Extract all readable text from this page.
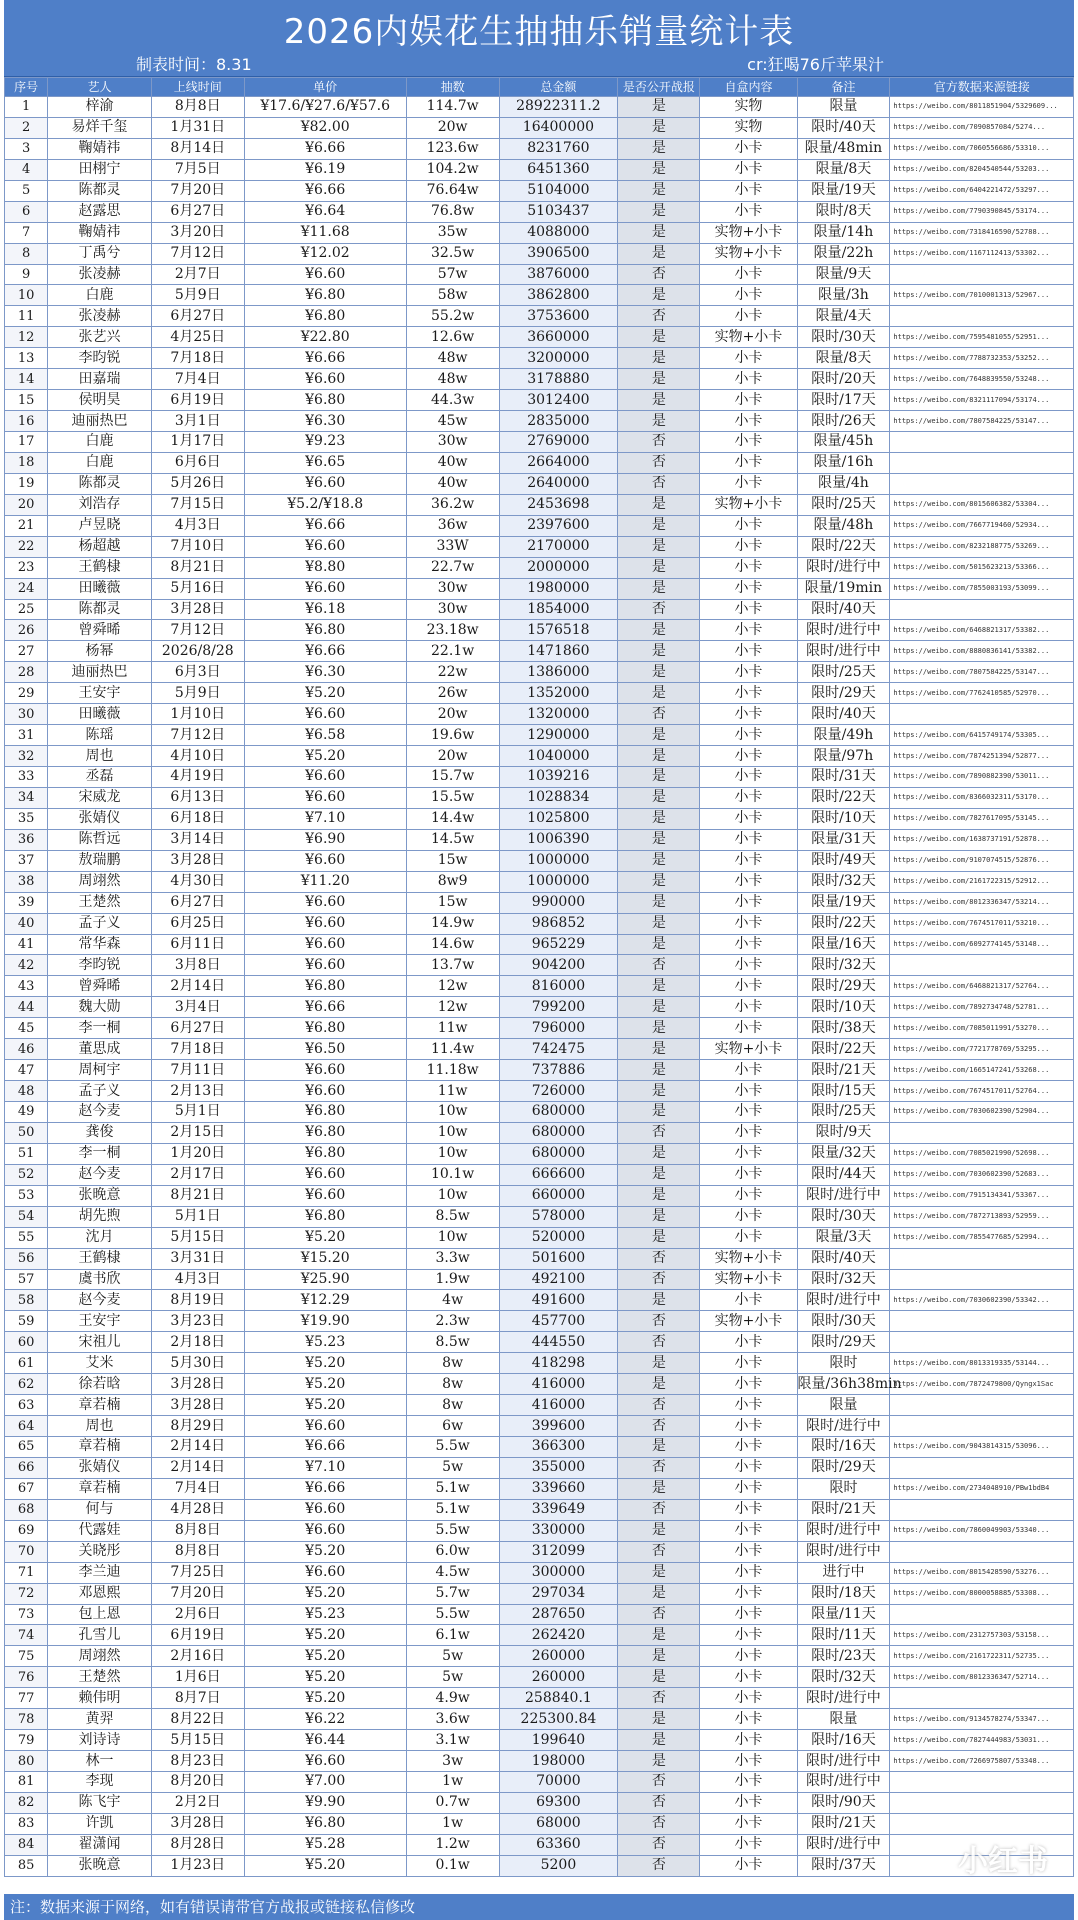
2026内娱花生抽抽乐销量统计表
制表时间：8.31	cr:狂喝76斤苹果汁
序号	艺人	上线时间	单价	抽数	总金额	是否公开战报	自盒内容	备注	官方数据来源链接
1	梓渝	8月8日	¥17.6/¥27.6/¥57.6	114.7w	28922311.2	是	实物	限量	https://weibo.com/8011851904/5329609...
2	易烊千玺	1月31日	¥82.00	20w	16400000	是	实物	限时/40天	https://weibo.com/7090857084/5274...
3	鞠婧祎	8月14日	¥6.66	123.6w	8231760	是	小卡	限量/48min	https://weibo.com/7060556686/53310...
4	田栩宁	7月5日	¥6.19	104.2w	6451360	是	小卡	限量/8天	https://weibo.com/8204540544/53203...
5	陈都灵	7月20日	¥6.66	76.64w	5104000	是	小卡	限量/19天	https://weibo.com/6404221472/53297...
6	赵露思	6月27日	¥6.64	76.8w	5103437	是	小卡	限时/8天	https://weibo.com/7790390845/53174...
7	鞠婧祎	3月20日	¥11.68	35w	4088000	是	实物+小卡	限量/14h	https://weibo.com/7318416590/52788...
8	丁禹兮	7月12日	¥12.02	32.5w	3906500	是	实物+小卡	限量/22h	https://weibo.com/1167112413/53302...
9	张凌赫	2月7日	¥6.60	57w	3876000	否	小卡	限量/9天	
10	白鹿	5月9日	¥6.80	58w	3862800	是	小卡	限量/3h	https://weibo.com/7010001313/52967...
11	张凌赫	6月27日	¥6.80	55.2w	3753600	否	小卡	限量/4天	
12	张艺兴	4月25日	¥22.80	12.6w	3660000	是	实物+小卡	限时/30天	https://weibo.com/7595481055/52951...
13	李昀锐	7月18日	¥6.66	48w	3200000	是	小卡	限量/8天	https://weibo.com/7788732353/53252...
14	田嘉瑞	7月4日	¥6.60	48w	3178880	是	小卡	限时/20天	https://weibo.com/7648839550/53248...
15	侯明昊	6月19日	¥6.80	44.3w	3012400	是	小卡	限时/17天	https://weibo.com/8321117094/53174...
16	迪丽热巴	3月1日	¥6.30	45w	2835000	是	小卡	限时/26天	https://weibo.com/7807584225/53147...
17	白鹿	1月17日	¥9.23	30w	2769000	否	小卡	限量/45h	
18	白鹿	6月6日	¥6.65	40w	2664000	否	小卡	限量/16h	
19	陈都灵	5月26日	¥6.60	40w	2640000	否	小卡	限量/4h	
20	刘浩存	7月15日	¥5.2/¥18.8	36.2w	2453698	是	实物+小卡	限时/25天	https://weibo.com/8015606382/53304...
21	卢昱晓	4月3日	¥6.66	36w	2397600	是	小卡	限量/48h	https://weibo.com/7667719460/52934...
22	杨超越	7月10日	¥6.60	33W	2170000	是	小卡	限时/22天	https://weibo.com/8232188775/53269...
23	王鹤棣	8月21日	¥8.80	22.7w	2000000	是	小卡	限时/进行中	https://weibo.com/5015623213/53366...
24	田曦薇	5月16日	¥6.60	30w	1980000	是	小卡	限量/19min	https://weibo.com/7855003193/53099...
25	陈都灵	3月28日	¥6.18	30w	1854000	否	小卡	限时/40天	
26	曾舜晞	7月12日	¥6.80	23.18w	1576518	是	小卡	限时/进行中	https://weibo.com/6468821317/53382...
27	杨幂	2026/8/28	¥6.66	22.1w	1471860	是	小卡	限时/进行中	https://weibo.com/8880836141/53382...
28	迪丽热巴	6月3日	¥6.30	22w	1386000	是	小卡	限时/25天	https://weibo.com/7807584225/53147...
29	王安宇	5月9日	¥5.20	26w	1352000	是	小卡	限时/29天	https://weibo.com/7762410585/52970...
30	田曦薇	1月10日	¥6.60	20w	1320000	否	小卡	限时/40天	
31	陈瑶	7月12日	¥6.58	19.6w	1290000	是	小卡	限量/49h	https://weibo.com/6415749174/53305...
32	周也	4月10日	¥5.20	20w	1040000	是	小卡	限量/97h	https://weibo.com/7874251394/52877...
33	丞磊	4月19日	¥6.60	15.7w	1039216	是	小卡	限时/31天	https://weibo.com/7890882390/53011...
34	宋威龙	6月13日	¥6.60	15.5w	1028834	是	小卡	限时/22天	https://weibo.com/8366032311/53170...
35	张婧仪	6月18日	¥7.10	14.4w	1025800	是	小卡	限时/10天	https://weibo.com/7827617095/53145...
36	陈哲远	3月14日	¥6.90	14.5w	1006390	是	小卡	限量/31天	https://weibo.com/1638737191/52878...
37	敖瑞鹏	3月28日	¥6.60	15w	1000000	是	小卡	限时/49天	https://weibo.com/9107074515/52876...
38	周翊然	4月30日	¥11.20	8w9	1000000	是	小卡	限时/32天	https://weibo.com/2161722315/52912...
39	王楚然	6月27日	¥6.60	15w	990000	是	小卡	限量/19天	https://weibo.com/8012336347/53214...
40	孟子义	6月25日	¥6.60	14.9w	986852	是	小卡	限时/22天	https://weibo.com/7674517011/53210...
41	常华森	6月11日	¥6.60	14.6w	965229	是	小卡	限量/16天	https://weibo.com/6092774145/53148...
42	李昀锐	3月8日	¥6.60	13.7w	904200	否	小卡	限时/32天	
43	曾舜晞	2月14日	¥6.80	12w	816000	是	小卡	限时/29天	https://weibo.com/6468821317/52764...
44	魏大勋	3月4日	¥6.66	12w	799200	是	小卡	限时/10天	https://weibo.com/7892734748/52781...
45	李一桐	6月27日	¥6.80	11w	796000	是	小卡	限时/38天	https://weibo.com/7085011991/53270...
46	董思成	7月18日	¥6.50	11.4w	742475	是	实物+小卡	限时/22天	https://weibo.com/7721778769/53295...
47	周柯宇	7月11日	¥6.60	11.18w	737886	是	小卡	限时/21天	https://weibo.com/1665147241/53268...
48	孟子义	2月13日	¥6.60	11w	726000	是	小卡	限时/15天	https://weibo.com/7674517011/52764...
49	赵今麦	5月1日	¥6.80	10w	680000	是	小卡	限时/25天	https://weibo.com/7030602390/52904...
50	龚俊	2月15日	¥6.80	10w	680000	否	小卡	限时/9天	
51	李一桐	1月20日	¥6.80	10w	680000	是	小卡	限量/32天	https://weibo.com/7085021990/52698...
52	赵今麦	2月17日	¥6.60	10.1w	666600	是	小卡	限时/44天	https://weibo.com/7030602390/52683...
53	张晚意	8月21日	¥6.60	10w	660000	是	小卡	限时/进行中	https://weibo.com/7915134341/53367...
54	胡先煦	5月1日	¥6.80	8.5w	578000	是	小卡	限时/30天	https://weibo.com/7872713893/52959...
55	沈月	5月15日	¥5.20	10w	520000	是	小卡	限量/3天	https://weibo.com/7855477685/52994...
56	王鹤棣	3月31日	¥15.20	3.3w	501600	否	实物+小卡	限时/40天	
57	虞书欣	4月3日	¥25.90	1.9w	492100	否	实物+小卡	限时/32天	
58	赵今麦	8月19日	¥12.29	4w	491600	是	小卡	限时/进行中	https://weibo.com/7030602390/53342...
59	王安宇	3月23日	¥19.90	2.3w	457700	否	实物+小卡	限时/30天	
60	宋祖儿	2月18日	¥5.23	8.5w	444550	否	小卡	限时/29天	
61	艾米	5月30日	¥5.20	8w	418298	是	小卡	限时	https://weibo.com/8013319335/53144...
62	徐若晗	3月28日	¥5.20	8w	416000	是	小卡	限量/36h38min	https://weibo.com/7872479800/Qyngx1Sac
63	章若楠	3月28日	¥5.20	8w	416000	否	小卡	限量	
64	周也	8月29日	¥6.60	6w	399600	否	小卡	限时/进行中	
65	章若楠	2月14日	¥6.66	5.5w	366300	是	小卡	限时/16天	https://weibo.com/9043814315/53096...
66	张婧仪	2月14日	¥7.10	5w	355000	否	小卡	限时/29天	
67	章若楠	7月4日	¥6.66	5.1w	339660	是	小卡	限时	https://weibo.com/2734048910/PBw1bdB4
68	何与	4月28日	¥6.60	5.1w	339649	否	小卡	限时/21天	
69	代露娃	8月8日	¥6.60	5.5w	330000	是	小卡	限时/进行中	https://weibo.com/7860049903/53340...
70	关晓彤	8月8日	¥5.20	6.0w	312099	否	小卡	限时/进行中	
71	李兰迪	7月25日	¥6.60	4.5w	300000	是	小卡	进行中	https://weibo.com/8015428590/53276...
72	邓恩熙	7月20日	¥5.20	5.7w	297034	是	小卡	限时/18天	https://weibo.com/8000058885/53308...
73	包上恩	2月6日	¥5.23	5.5w	287650	否	小卡	限量/11天	
74	孔雪儿	6月19日	¥5.20	6.1w	262420	是	小卡	限时/11天	https://weibo.com/2312757303/53158...
75	周翊然	2月16日	¥5.20	5w	260000	是	小卡	限时/23天	https://weibo.com/2161722311/52735...
76	王楚然	1月6日	¥5.20	5w	260000	是	小卡	限时/32天	https://weibo.com/8012336347/52714...
77	赖伟明	8月7日	¥5.20	4.9w	258840.1	否	小卡	限时/进行中	
78	黄羿	8月22日	¥6.22	3.6w	225300.84	是	小卡	限量	https://weibo.com/9134578274/53347...
79	刘诗诗	5月15日	¥6.44	3.1w	199640	是	小卡	限时/16天	https://weibo.com/7827444983/53031...
80	林一	8月23日	¥6.60	3w	198000	是	小卡	限时/进行中	https://weibo.com/7266975807/53348...
81	李现	8月20日	¥7.00	1w	70000	否	小卡	限时/进行中	
82	陈飞宇	2月2日	¥9.90	0.7w	69300	否	小卡	限时/90天	
83	许凯	3月28日	¥6.80	1w	68000	否	小卡	限时/21天	
84	翟潇闻	8月28日	¥5.28	1.2w	63360	否	小卡	限时/进行中	
85	张晚意	1月23日	¥5.20	0.1w	5200	否	小卡	限时/37天		小红书
注：数据来源于网络，如有错误请带官方战报或链接私信修改
